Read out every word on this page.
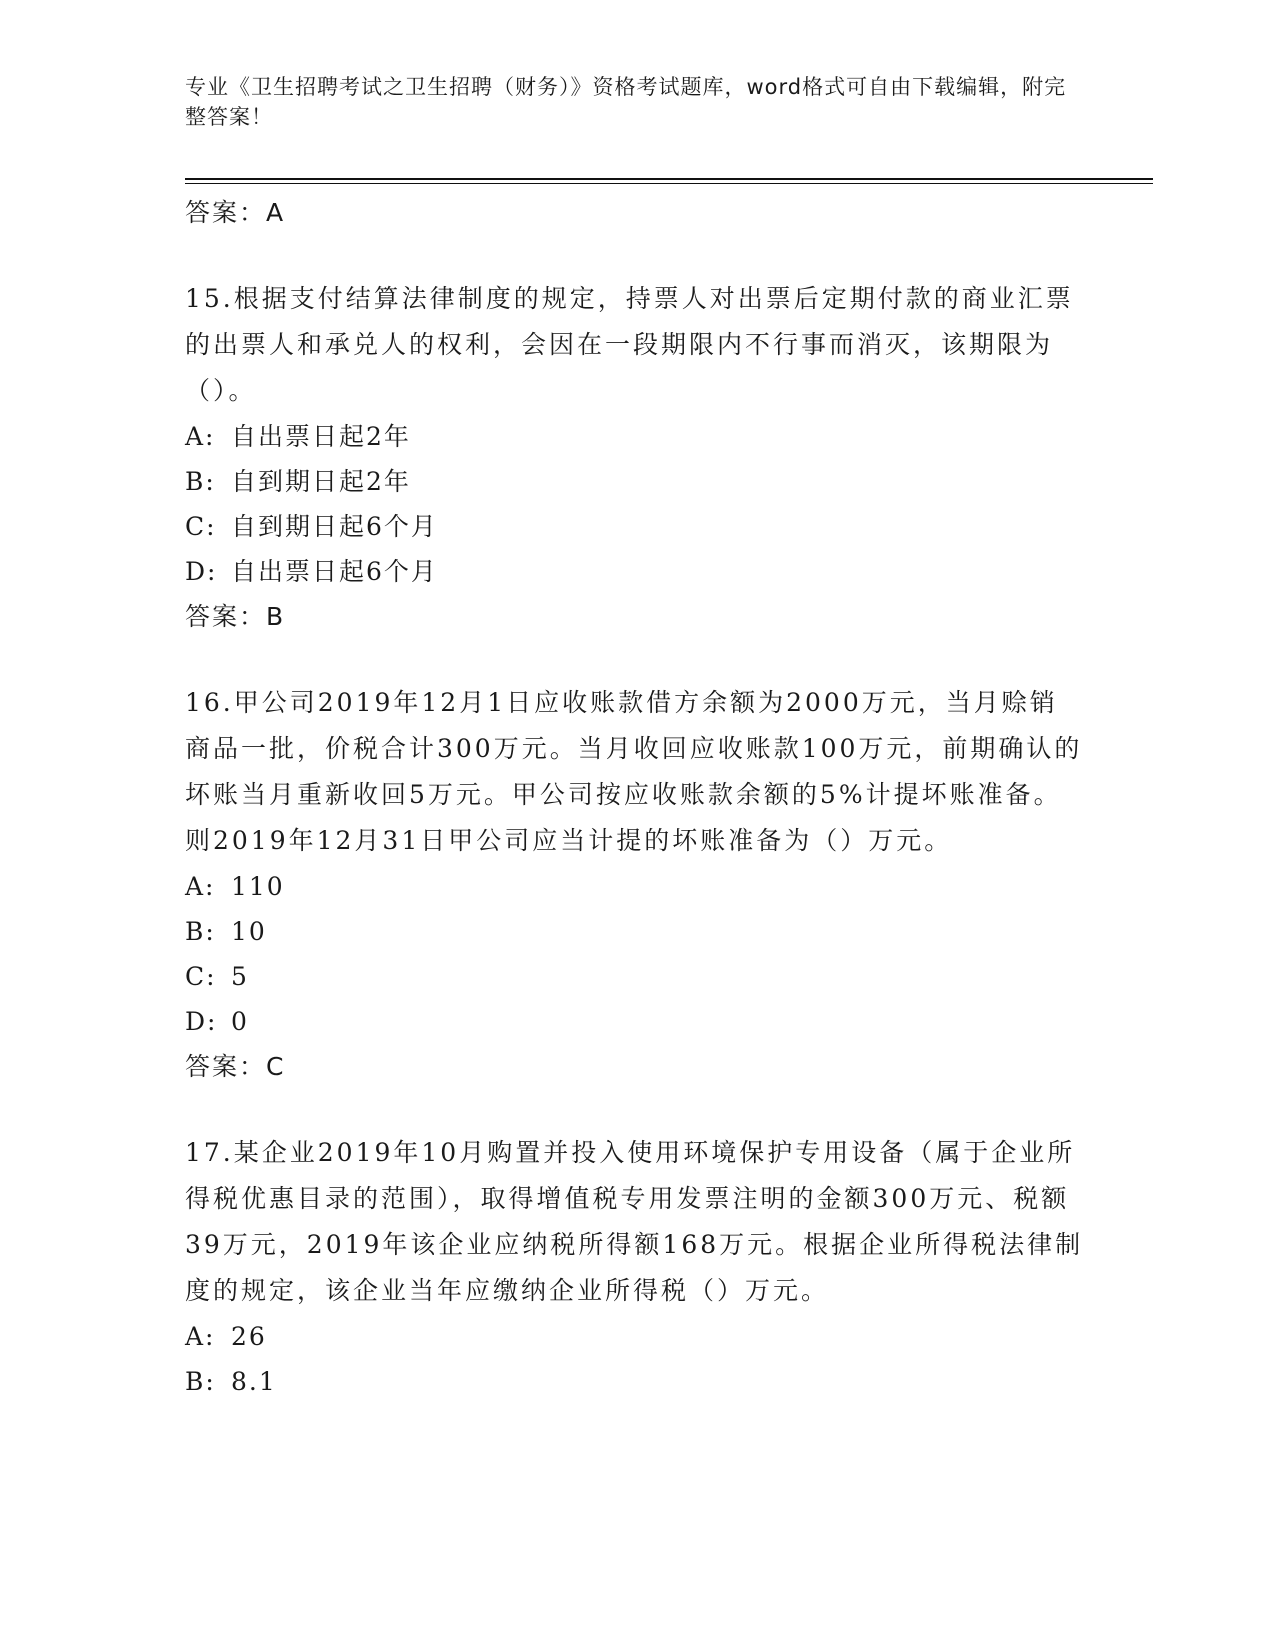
专业《卫生招聘考试之卫生招聘（财务）》资格考试题库，word格式可自由下载编辑，附完整答案！
答案：A
15.根据支付结算法律制度的规定，持票人对出票后定期付款的商业汇票的出票人和承兑人的权利，会因在一段期限内不行事而消灭，该期限为（）。
A: 自出票日起2年
B: 自到期日起2年
C: 自到期日起6个月
D: 自出票日起6个月
答案：B
16.甲公司2019年12月1日应收账款借方余额为2000万元，当月赊销商品一批，价税合计300万元。当月收回应收账款100万元，前期确认的坏账当月重新收回5万元。甲公司按应收账款余额的5%计提坏账准备。则2019年12月31日甲公司应当计提的坏账准备为（）万元。
A: 110
B: 10
C: 5
D: 0
答案：C
17.某企业2019年10月购置并投入使用环境保护专用设备（属于企业所得税优惠目录的范围），取得增值税专用发票注明的金额300万元、税额39万元，2019年该企业应纳税所得额168万元。根据企业所得税法律制度的规定，该企业当年应缴纳企业所得税（）万元。
A: 26
B: 8.1
